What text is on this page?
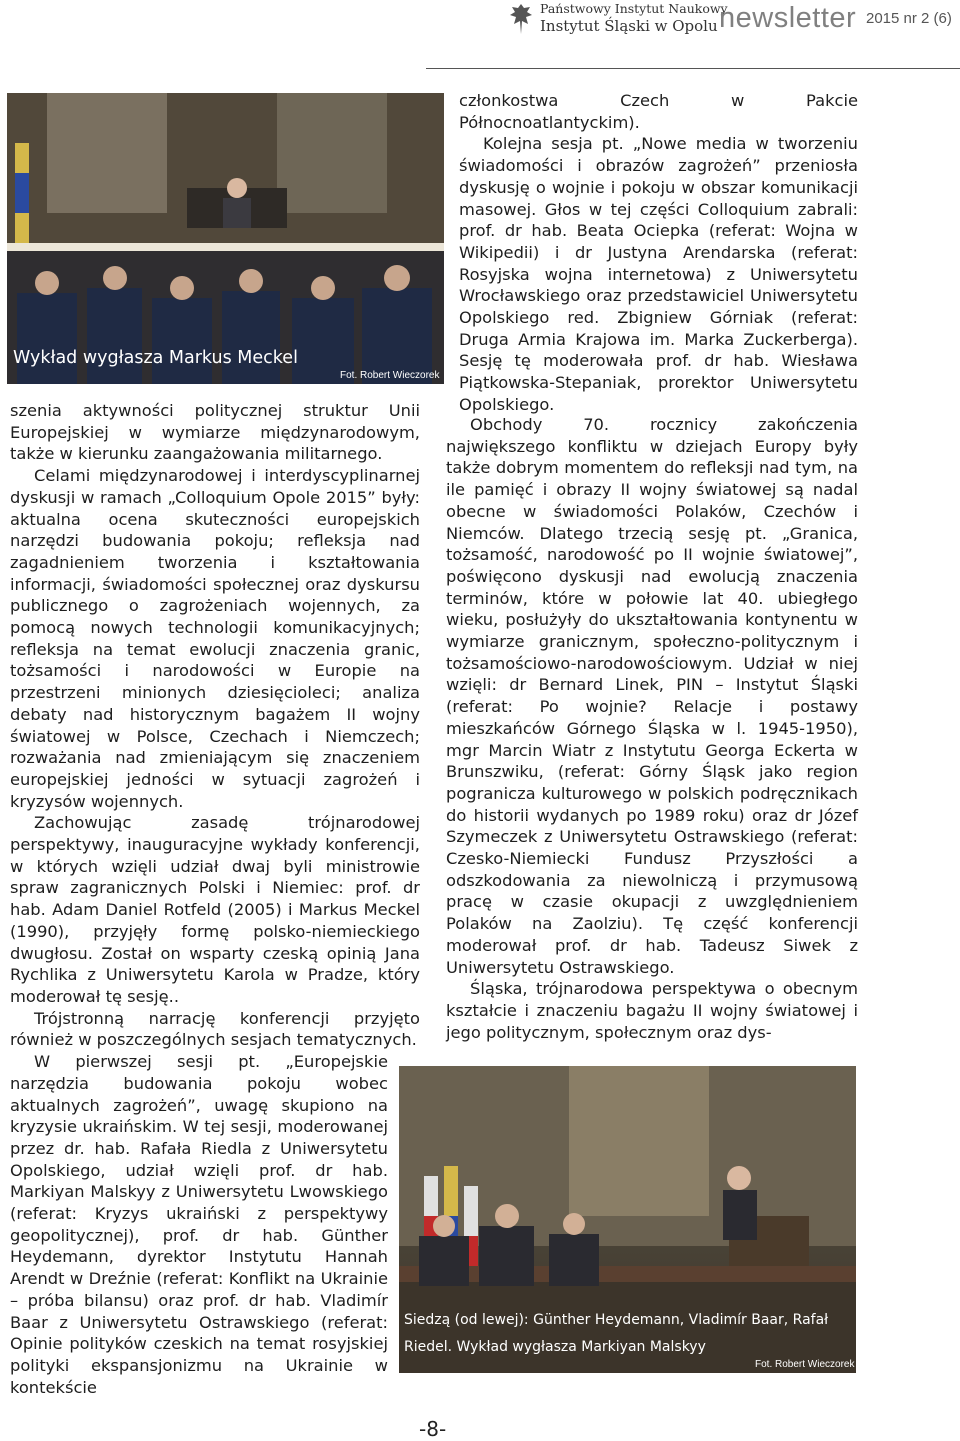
Państwowy Instytut Naukowy
Instytut Śląski w Opolu newsletter 2015 nr 2 (6)
Wykład wygłasza Markus Meckel
Fot. Robert Wieczorek

szenia aktywności politycznej struktur Unii Europejskiej w wymiarze międzynarodowym, także w kierunku zaangażowania militarnego.

Celami międzynarodowej i interdyscyplinarnej dyskusji w ramach „Colloquium Opole 2015” były: aktualna ocena skuteczności europejskich narzędzi budowania pokoju; refleksja nad zagadnieniem tworzenia i kształtowania informacji, świadomości społecznej oraz dyskursu publicznego o zagrożeniach wojennych, za pomocą nowych technologii komunikacyjnych; refleksja na temat ewolucji znaczenia granic, tożsamości i narodowości w Europie na przestrzeni minionych dziesięcioleci; analiza debaty nad historycznym bagażem II wojny światowej w Polsce, Czechach i Niemczech; rozważania nad zmieniającym się znaczeniem europejskiej jedności w sytuacji zagrożeń i kryzysów wojennych.

Zachowując zasadę trójnarodowej perspektywy, inauguracyjne wykłady konferencji, w których wzięli udział dwaj byli ministrowie spraw zagranicznych Polski i Niemiec: prof. dr hab. Adam Daniel Rotfeld (2005) i Markus Meckel (1990), przyjęły formę polsko-niemieckiego dwugłosu. Został on wsparty czeską opinią Jana Rychlika z Uniwersytetu Karola w Pradze, który moderował tę sesję..

Trójstronną narrację konferencji przyjęto również w poszczególnych sesjach tematycznych.

W pierwszej sesji pt. „Europejskie narzędzia budowania pokoju wobec aktualnych zagrożeń”, uwagę skupiono na kryzysie ukraińskim. W tej sesji, moderowanej przez dr. hab. Rafała Riedla z Uniwersytetu Opolskiego, udział wzięli prof. dr hab. Markiyan Malskyy z Uniwersytetu Lwowskiego (referat: Kryzys ukraiński z perspektywy geopolitycznej), prof. dr hab. Günther Heydemann, dyrektor Instytutu Hannah Arendt w Dreźnie (referat: Konflikt na Ukrainie – próba bilansu) oraz prof. dr hab. Vladimír Baar z Uniwersytetu Ostrawskiego (referat: Opinie polityków czeskich na temat rosyjskiej polityki ekspansjonizmu na Ukrainie w kontekście

członkostwa Czech w Pakcie Północnoatlantyckim).

Kolejna sesja pt. „Nowe media w tworzeniu świadomości i obrazów zagrożeń” przeniosła dyskusję o wojnie i pokoju w obszar komunikacji masowej. Głos w tej części Colloquium zabrali: prof. dr hab. Beata Ociepka (referat: Wojna w Wikipedii) i dr Justyna Arendarska (referat: Rosyjska wojna internetowa) z Uniwersytetu Wrocławskiego oraz przedstawiciel Uniwersytetu Opolskiego red. Zbigniew Górniak (referat: Druga Armia Krajowa im. Marka Zuckerberga). Sesję tę moderowała prof. dr hab. Wiesława Piątkowska-Stepaniak, prorektor Uniwersytetu Opolskiego.

Obchody 70. rocznicy zakończenia największego konfliktu w dziejach Europy były także dobrym momentem do refleksji nad tym, na ile pamięć i obrazy II wojny światowej są nadal obecne w świadomości Polaków, Czechów i Niemców. Dlatego trzecią sesję pt. „Granica, tożsamość, narodowość po II wojnie światowej”, poświęcono dyskusji nad ewolucją znaczenia terminów, które w połowie lat 40. ubiegłego wieku, posłużyły do ukształtowania kontynentu w wymiarze granicznym, społeczno-politycznym i tożsamościowo-narodowościowym. Udział w niej wzięli: dr Bernard Linek, PIN – Instytut Śląski (referat: Po wojnie? Relacje i postawy mieszkańców Górnego Śląska w l. 1945-1950), mgr Marcin Wiatr z Instytutu Georga Eckerta w Brunszwiku, (referat: Górny Śląsk jako region pogranicza kulturowego w polskich podręcznikach do historii wydanych po 1989 roku) oraz dr Józef Szymeczek z Uniwersytetu Ostrawskiego (referat: Czesko-Niemiecki Fundusz Przyszłości a odszkodowania za niewolniczą i przymusową pracę w czasie okupacji z uwzględnieniem Polaków na Zaolziu). Tę część konferencji moderował prof. dr hab. Tadeusz Siwek z Uniwersytetu Ostrawskiego.

Śląska, trójnarodowa perspektywa o obecnym kształcie i znaczeniu bagażu II wojny światowej i jego politycznym, społecznym oraz dys-

Siedzą (od lewej): Günther Heydemann, Vladimír Baar, Rafał
Riedel. Wykład wygłasza Markiyan Malskyy
Fot. Robert Wieczorek
-8-
